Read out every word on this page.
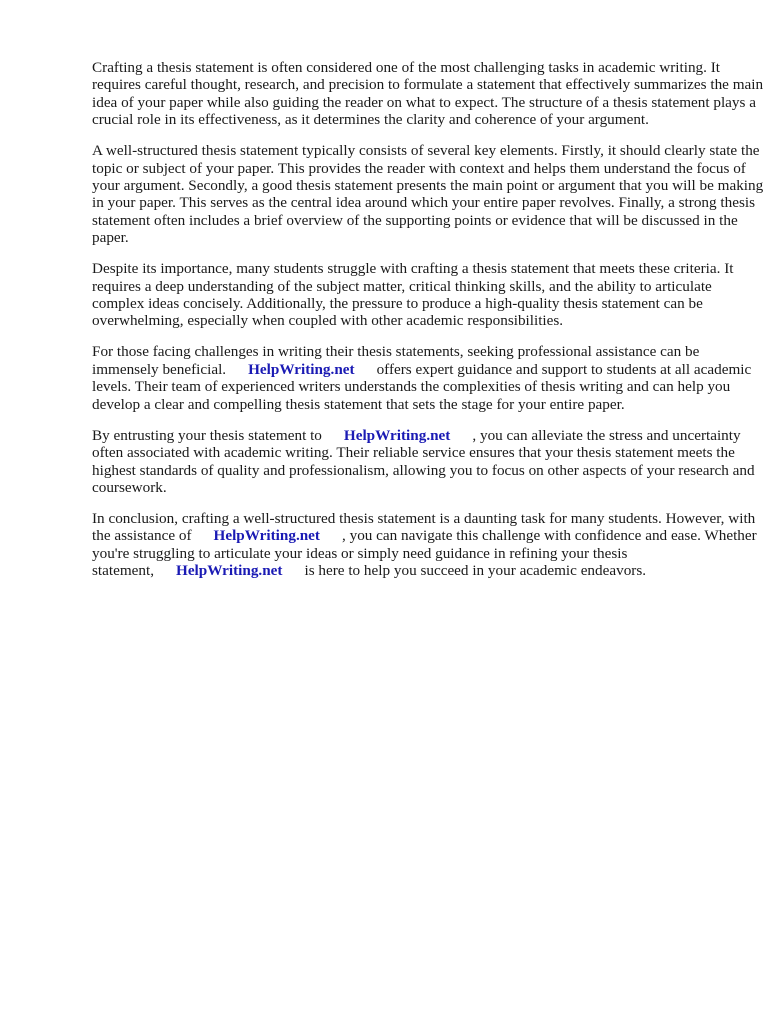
Crafting a thesis statement is often considered one of the most challenging tasks in academic writing. It requires careful thought, research, and precision to formulate a statement that effectively summarizes the main idea of your paper while also guiding the reader on what to expect. The structure of a thesis statement plays a crucial role in its effectiveness, as it determines the clarity and coherence of your argument.

A well-structured thesis statement typically consists of several key elements. Firstly, it should clearly state the topic or subject of your paper. This provides the reader with context and helps them understand the focus of your argument. Secondly, a good thesis statement presents the main point or argument that you will be making in your paper. This serves as the central idea around which your entire paper revolves. Finally, a strong thesis statement often includes a brief overview of the supporting points or evidence that will be discussed in the paper.

Despite its importance, many students struggle with crafting a thesis statement that meets these criteria. It requires a deep understanding of the subject matter, critical thinking skills, and the ability to articulate complex ideas concisely. Additionally, the pressure to produce a high-quality thesis statement can be overwhelming, especially when coupled with other academic responsibilities.

For those facing challenges in writing their thesis statements, seeking professional assistance can be immensely beneficial. HelpWriting.net offers expert guidance and support to students at all academic levels. Their team of experienced writers understands the complexities of thesis writing and can help you develop a clear and compelling thesis statement that sets the stage for your entire paper.

By entrusting your thesis statement to HelpWriting.net , you can alleviate the stress and uncertainty often associated with academic writing. Their reliable service ensures that your thesis statement meets the highest standards of quality and professionalism, allowing you to focus on other aspects of your research and coursework.

In conclusion, crafting a well-structured thesis statement is a daunting task for many students. However, with the assistance of HelpWriting.net , you can navigate this challenge with confidence and ease. Whether you're struggling to articulate your ideas or simply need guidance in refining your thesis statement, HelpWriting.net is here to help you succeed in your academic endeavors.
